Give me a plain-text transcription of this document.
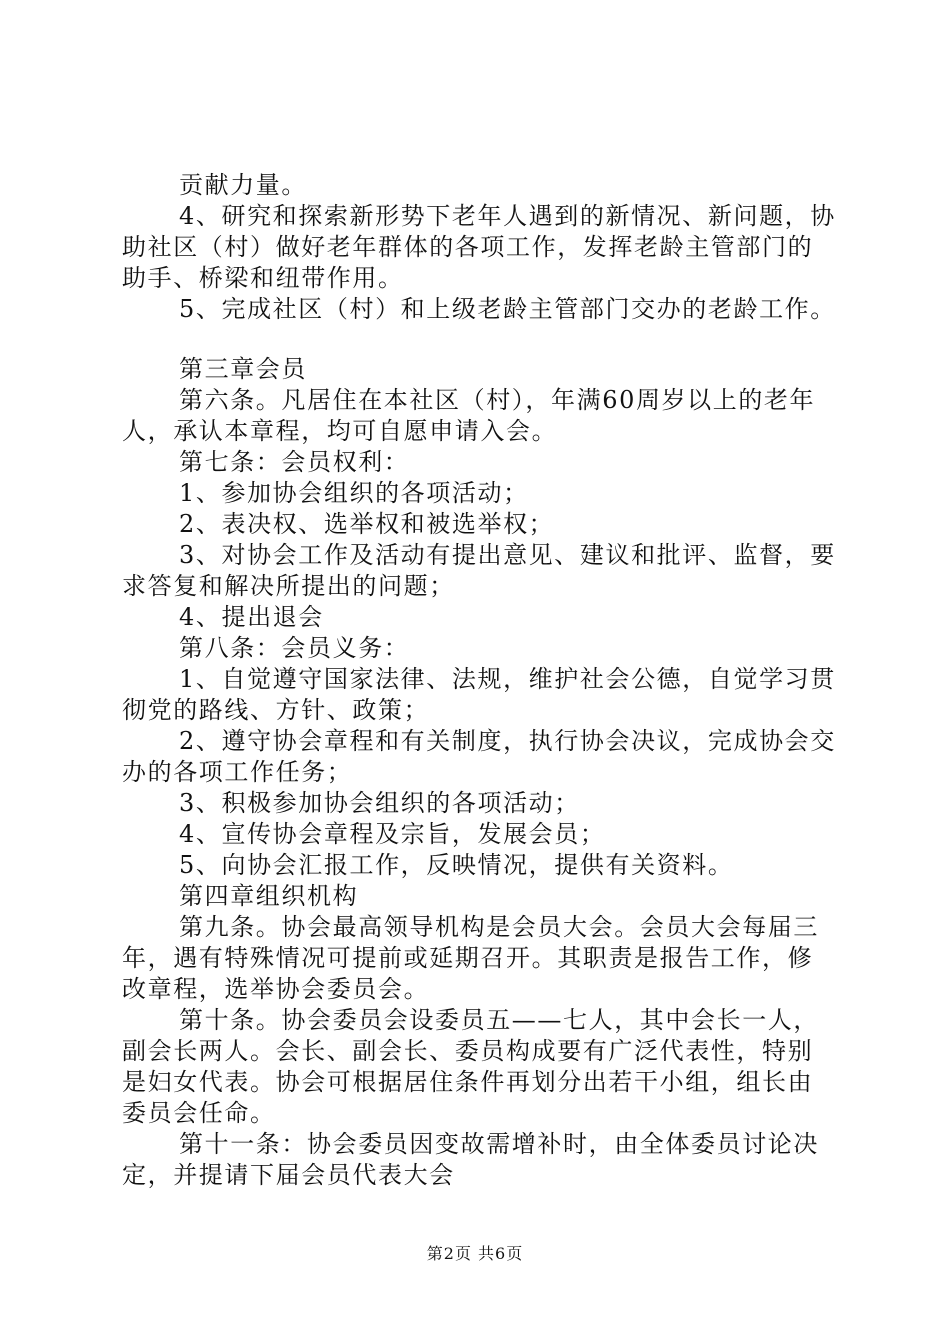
贡献力量。
4、研究和探索新形势下老年人遇到的新情况、新问题，协
助社区（村）做好老年群体的各项工作，发挥老龄主管部门的
助手、桥梁和纽带作用。
5、完成社区（村）和上级老龄主管部门交办的老龄工作。
第三章会员
第六条。凡居住在本社区（村），年满60周岁以上的老年
人，承认本章程，均可自愿申请入会。
第七条：会员权利：
1、参加协会组织的各项活动；
2、表决权、选举权和被选举权；
3、对协会工作及活动有提出意见、建议和批评、监督，要
求答复和解决所提出的问题；
4、提出退会
第八条：会员义务：
1、自觉遵守国家法律、法规，维护社会公德，自觉学习贯
彻党的路线、方针、政策；
2、遵守协会章程和有关制度，执行协会决议，完成协会交
办的各项工作任务；
3、积极参加协会组织的各项活动；
4、宣传协会章程及宗旨，发展会员；
5、向协会汇报工作，反映情况，提供有关资料。
第四章组织机构
第九条。协会最高领导机构是会员大会。会员大会每届三
年，遇有特殊情况可提前或延期召开。其职责是报告工作，修
改章程，选举协会委员会。
第十条。协会委员会设委员五——七人，其中会长一人，
副会长两人。会长、副会长、委员构成要有广泛代表性，特别
是妇女代表。协会可根据居住条件再划分出若干小组，组长由
委员会任命。
第十一条：协会委员因变故需增补时，由全体委员讨论决
定，并提请下届会员代表大会
第2页 共6页
